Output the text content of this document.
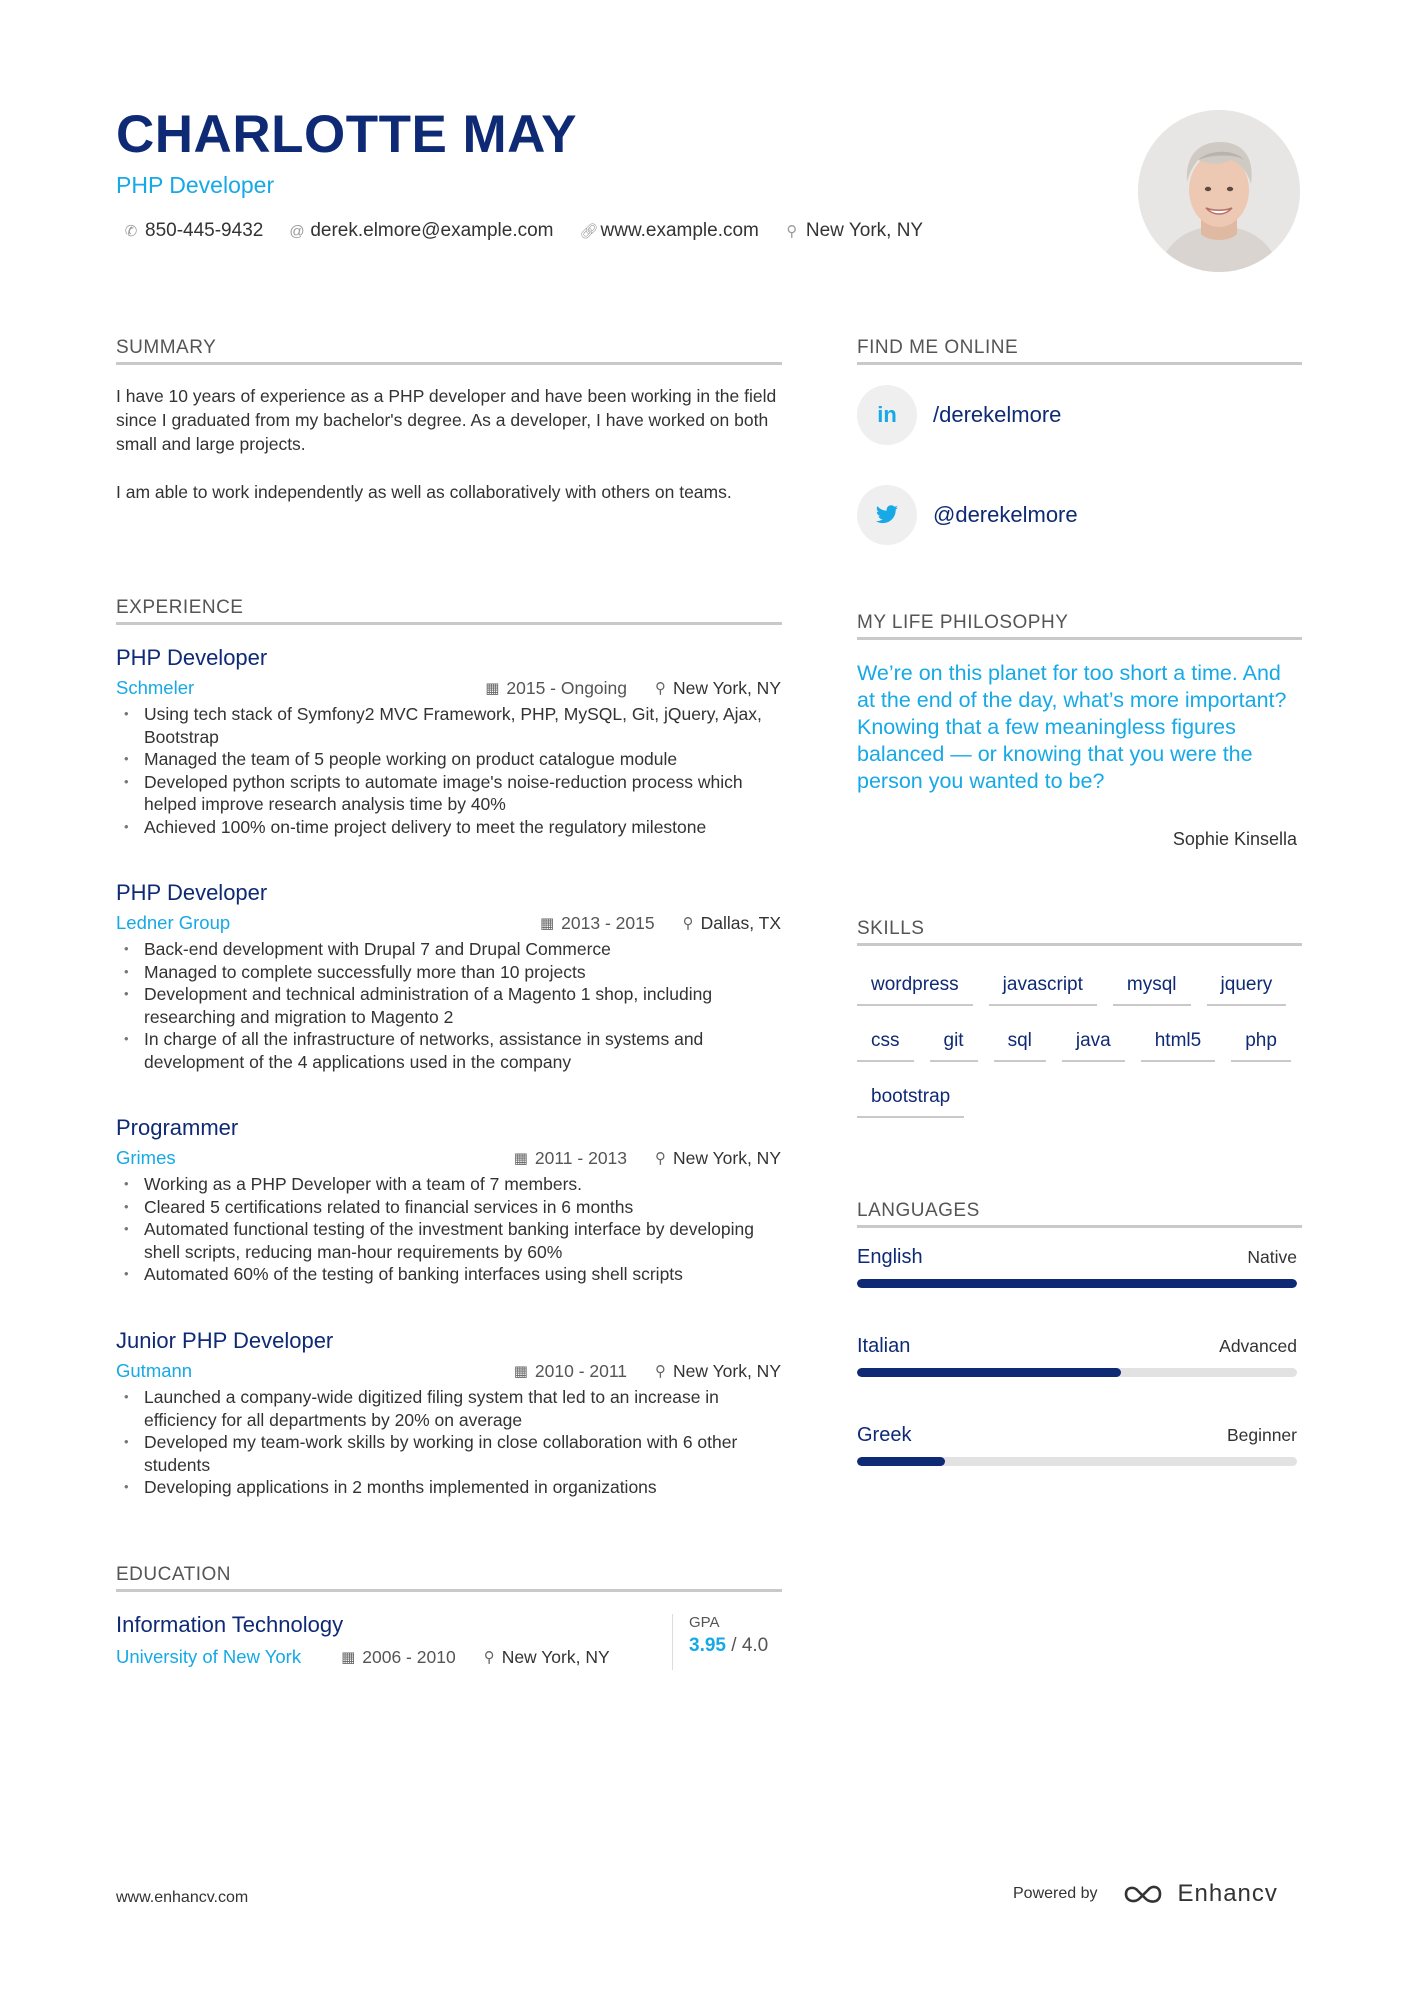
CHARLOTTE MAY
PHP Developer
✆ 850-445-9432 @ derek.elmore@example.com 🔗︎ www.example.com ⚲ New York, NY
SUMMARY

I have 10 years of experience as a PHP developer and have been working in the field since I graduated from my bachelor's degree. As a developer, I have worked on both small and large projects.

I am able to work independently as well as collaboratively with others on teams.

EXPERIENCE
PHP Developer
Schmeler	▦ 2015 - Ongoing ⚲ New York, NY
• Using tech stack of Symfony2 MVC Framework, PHP, MySQL, Git, jQuery, Ajax, Bootstrap
• Managed the team of 5 people working on product catalogue module
• Developed python scripts to automate image's noise-reduction process which helped improve research analysis time by 40%
• Achieved 100% on-time project delivery to meet the regulatory milestone
PHP Developer
Ledner Group	▦ 2013 - 2015 ⚲ Dallas, TX
• Back-end development with Drupal 7 and Drupal Commerce
• Managed to complete successfully more than 10 projects
• Development and technical administration of a Magento 1 shop, including researching and migration to Magento 2
• In charge of all the infrastructure of networks, assistance in systems and development of the 4 applications used in the company
Programmer
Grimes	▦ 2011 - 2013 ⚲ New York, NY
• Working as a PHP Developer with a team of 7 members.
• Cleared 5 certifications related to financial services in 6 months
• Automated functional testing of the investment banking interface by developing shell scripts, reducing man-hour requirements by 60%
• Automated 60% of the testing of banking interfaces using shell scripts
Junior PHP Developer
Gutmann	▦ 2010 - 2011 ⚲ New York, NY
• Launched a company-wide digitized filing system that led to an increase in efficiency for all departments by 20% on average
• Developed my team-work skills by working in close collaboration with 6 other students
• Developing applications in 2 months implemented in organizations
EDUCATION
Information Technology
University of New York	▦ 2006 - 2010 ⚲ New York, NY
GPA
3.95 / 4.0
FIND ME ONLINE
in	/derekelmore
@derekelmore
MY LIFE PHILOSOPHY
We’re on this planet for too short a time. And at the end of the day, what’s more important? Knowing that a few meaningless figures balanced — or knowing that you were the person you wanted to be?
Sophie Kinsella
SKILLS
wordpress	javascript	mysql	jquery
css	git	sql	java	html5	php
bootstrap
LANGUAGES
English	Native
Italian	Advanced
Greek	Beginner
www.enhancv.com	Powered by	Enhancv
